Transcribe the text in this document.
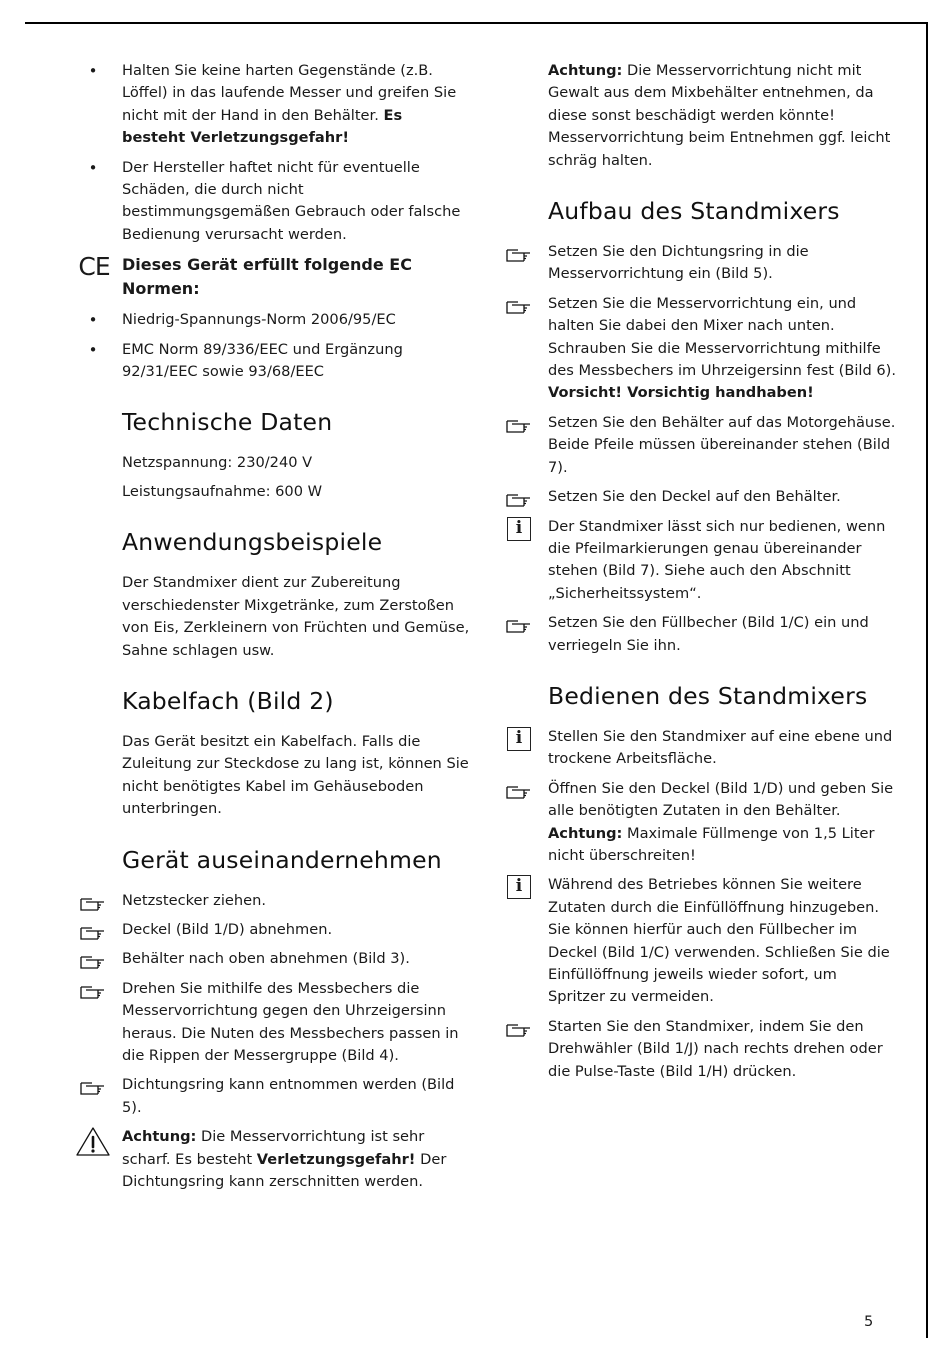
• Halten Sie keine harten Gegenstände (z.B. Löffel) in das laufende Messer und greifen Sie nicht mit der Hand in den Behälter. Es besteht Verletzungsgefahr!
• Der Hersteller haftet nicht für eventuelle Schäden, die durch nicht bestimmungsgemäßen Gebrauch oder falsche Bedienung verursacht werden.
CE Dieses Gerät erfüllt folgende EC Normen:
• Niedrig-Spannungs-Norm 2006/95/EC
• EMC Norm 89/336/EEC und Ergänzung 92/31/EEC sowie 93/68/EEC
Technische Daten

Netzspannung: 230/240 V

Leistungsaufnahme: 600 W

Anwendungsbeispiele

Der Standmixer dient zur Zubereitung verschiedenster Mixgetränke, zum Zerstoßen von Eis, Zerkleinern von Früchten und Gemüse, Sahne schlagen usw.

Kabelfach (Bild 2)

Das Gerät besitzt ein Kabelfach. Falls die Zuleitung zur Steckdose zu lang ist, können Sie nicht benötigtes Kabel im Gehäuseboden unterbringen.

Gerät auseinandernehmen
Netzstecker ziehen.
Deckel (Bild 1/D) abnehmen.
Behälter nach oben abnehmen (Bild 3).
Drehen Sie mithilfe des Messbechers die Messervorrichtung gegen den Uhrzeigersinn heraus. Die Nuten des Messbechers passen in die Rippen der Messergruppe (Bild 4).
Dichtungsring kann entnommen werden (Bild 5).
Achtung: Die Messervorrichtung ist sehr scharf. Es besteht Verletzungsgefahr! Der Dichtungsring kann zerschnitten werden.

Achtung: Die Messervorrichtung nicht mit Gewalt aus dem Mixbehälter entnehmen, da diese sonst beschädigt werden könnte! Messervorrichtung beim Entnehmen ggf. leicht schräg halten.

Aufbau des Standmixers
Setzen Sie den Dichtungsring in die Messervorrichtung ein (Bild 5).
Setzen Sie die Messervorrichtung ein, und halten Sie dabei den Mixer nach unten. Schrauben Sie die Messervorrichtung mithilfe des Messbechers im Uhrzeigersinn fest (Bild 6). Vorsicht! Vorsichtig handhaben!
Setzen Sie den Behälter auf das Motorgehäuse. Beide Pfeile müssen übereinander stehen (Bild 7).
Setzen Sie den Deckel auf den Behälter.
i	Der Standmixer lässt sich nur bedienen, wenn die Pfeilmarkierungen genau übereinander stehen (Bild 7). Siehe auch den Abschnitt „Sicherheitssystem“.
Setzen Sie den Füllbecher (Bild 1/C) ein und verriegeln Sie ihn.
Bedienen des Standmixers
i	Stellen Sie den Standmixer auf eine ebene und trockene Arbeitsfläche.
Öffnen Sie den Deckel (Bild 1/D) und geben Sie alle benötigten Zutaten in den Behälter. Achtung: Maximale Füllmenge von 1,5 Liter nicht überschreiten!
i	Während des Betriebes können Sie weitere Zutaten durch die Einfüllöffnung hinzugeben. Sie können hierfür auch den Füllbecher im Deckel (Bild 1/C) verwenden. Schließen Sie die Einfüllöffnung jeweils wieder sofort, um Spritzer zu vermeiden.
Starten Sie den Standmixer, indem Sie den Drehwähler (Bild 1/J) nach rechts drehen oder die Pulse-Taste (Bild 1/H) drücken.
5
